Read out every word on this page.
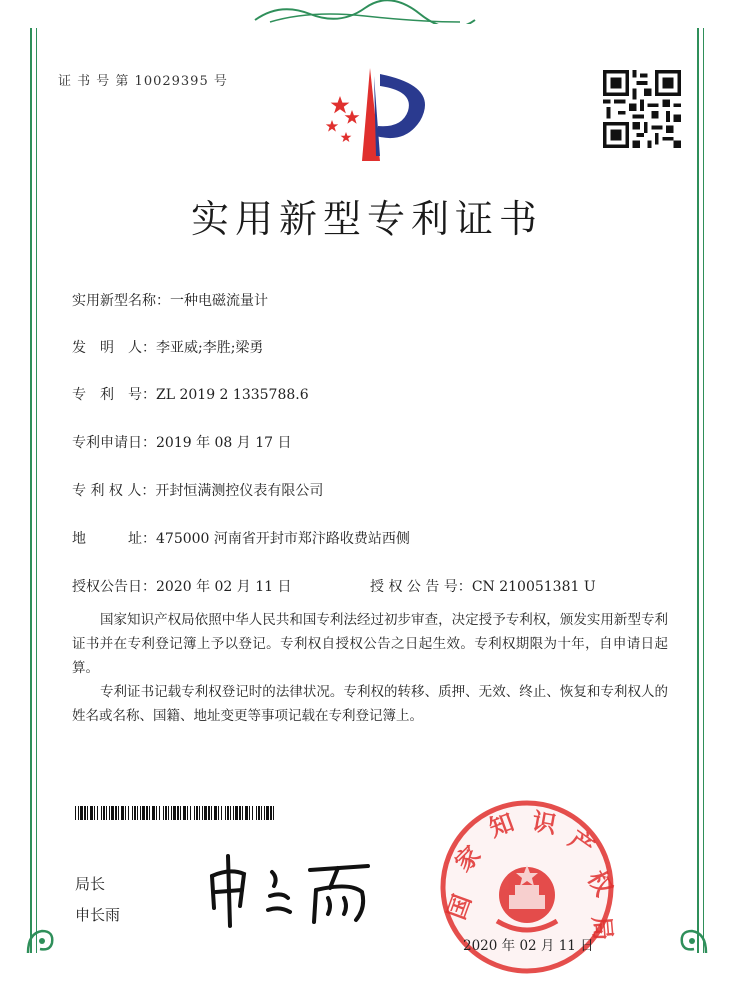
证 书 号 第 10029395 号
实用新型专利证书
实用新型名称：一种电磁流量计
发　明　人：李亚威;李胜;梁勇
专　利　号：ZL 2019 2 1335788.6
专利申请日：2019 年 08 月 17 日
专 利 权 人：开封恒满测控仪表有限公司
地　　　址：475000 河南省开封市郑汴路收费站西侧
授权公告日：2020 年 02 月 11 日	授 权 公 告 号：CN 210051381 U
国家知识产权局依照中华人民共和国专利法经过初步审查，决定授予专利权，颁发实用新型专利证书并在专利登记簿上予以登记。专利权自授权公告之日起生效。专利权期限为十年，自申请日起算。
专利证书记载专利权登记时的法律状况。专利权的转移、质押、无效、终止、恢复和专利权人的姓名或名称、国籍、地址变更等事项记载在专利登记簿上。
局长
申长雨	国
家
知 识
产
权
局
2020 年 02 月 11 日
